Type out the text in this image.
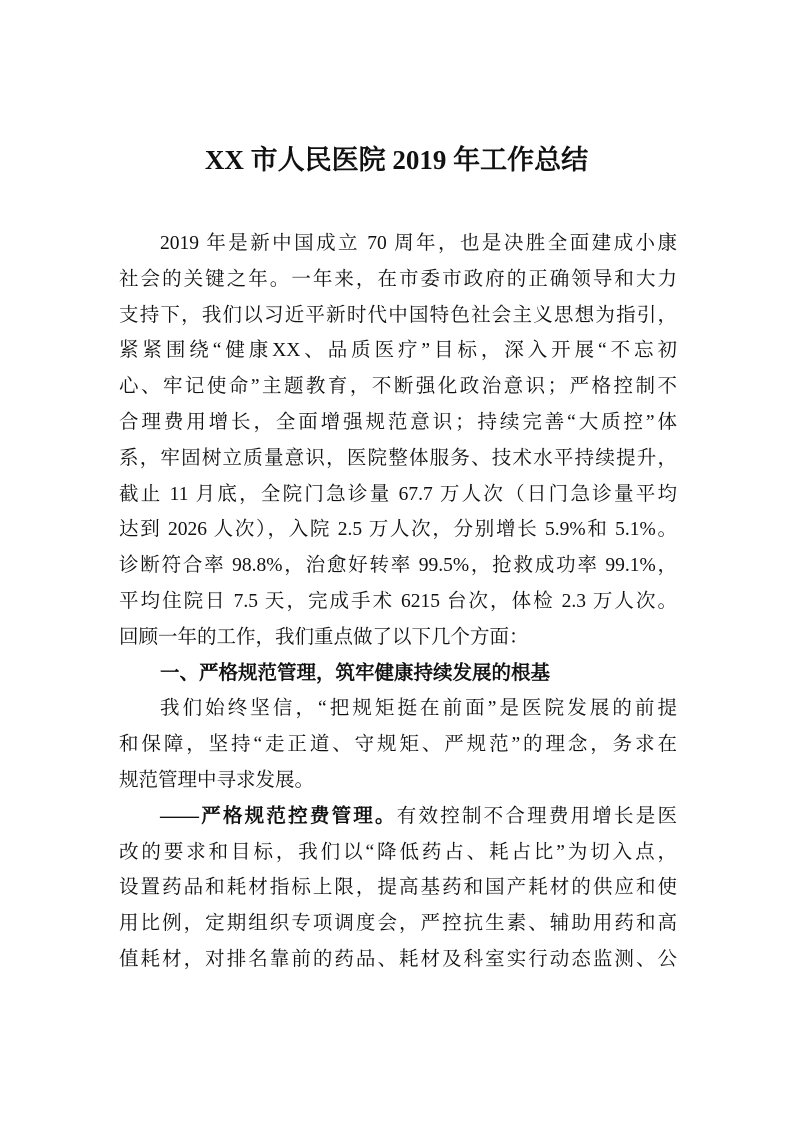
XX 市人民医院 2019 年工作总结
2019 年是新中国成立 70 周年，也是决胜全面建成小康
社会的关键之年。一年来，在市委市政府的正确领导和大力
支持下，我们以习近平新时代中国特色社会主义思想为指引，
紧紧围绕“健康XX、品质医疗”目标，深入开展“不忘初
心、牢记使命”主题教育，不断强化政治意识；严格控制不
合理费用增长，全面增强规范意识；持续完善“大质控”体
系，牢固树立质量意识，医院整体服务、技术水平持续提升，
截止 11 月底，全院门急诊量 67.7 万人次（日门急诊量平均
达到 2026 人次），入院 2.5 万人次，分别增长 5.9%和 5.1%。
诊断符合率 98.8%，治愈好转率 99.5%，抢救成功率 99.1%，
平均住院日 7.5 天，完成手术 6215 台次，体检 2.3 万人次。
回顾一年的工作，我们重点做了以下几个方面：
一、严格规范管理，筑牢健康持续发展的根基
我们始终坚信，“把规矩挺在前面”是医院发展的前提
和保障，坚持“走正道、守规矩、严规范”的理念，务求在
规范管理中寻求发展。
——严格规范控费管理。有效控制不合理费用增长是医
改的要求和目标，我们以“降低药占、耗占比”为切入点，
设置药品和耗材指标上限，提高基药和国产耗材的供应和使
用比例，定期组织专项调度会，严控抗生素、辅助用药和高
值耗材，对排名靠前的药品、耗材及科室实行动态监测、公
